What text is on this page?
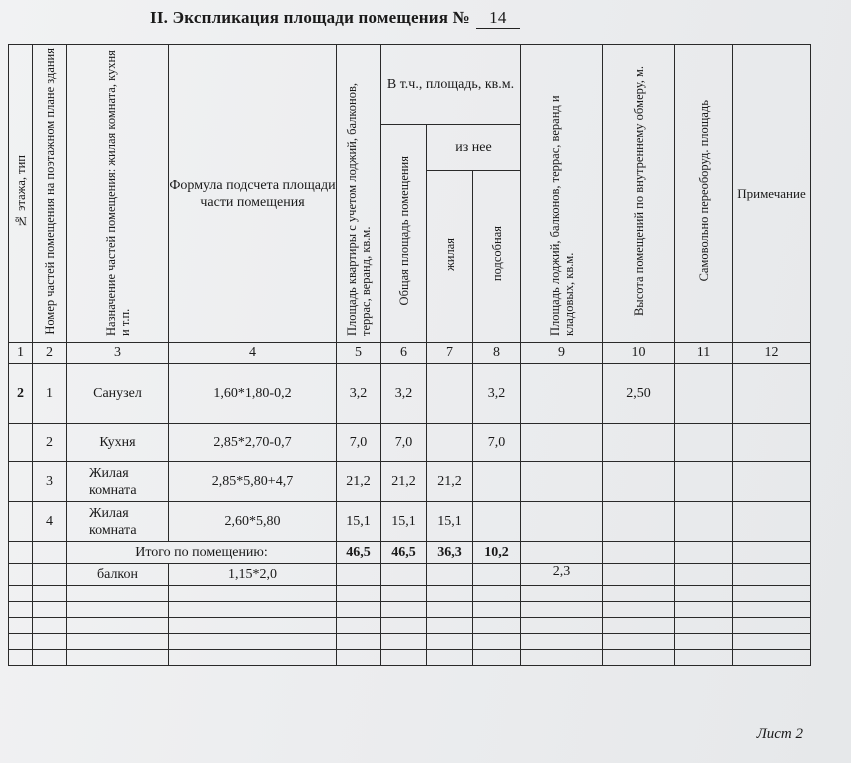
II. Экспликация площади помещения № 14
№ этажа, тип	Номер частей помещения на поэтажном плане здания	Назначение частей помещения: жилая комната, кухня и т.п.	Формула подсчета площади части помещения	Площадь квартиры с учетом лоджий, балконов, террас, веранд, кв.м.	В т.ч., площадь, кв.м.			Площадь лоджий, балконов, террас, веранд и кладовых, кв.м.	Высота помещений по внутреннему обмеру, м.	Самовольно переоборуд. площадь	Примечание
					Общая площадь помещения	из нее					
						жилая	подсобная				
1	2	3	4	5	6	7	8	9	10	11	12
2	1	Санузел	1,60*1,80-0,2	3,2	3,2		3,2		2,50		
	2	Кухня	2,85*2,70-0,7	7,0	7,0		7,0				
	3	Жилая комната	2,85*5,80+4,7	21,2	21,2	21,2					
	4	Жилая комната	2,60*5,80	15,1	15,1	15,1					
		Итого по помещению:		46,5	46,5	36,3	10,2				
		балкон	1,15*2,0					2,3			

Лист 2
